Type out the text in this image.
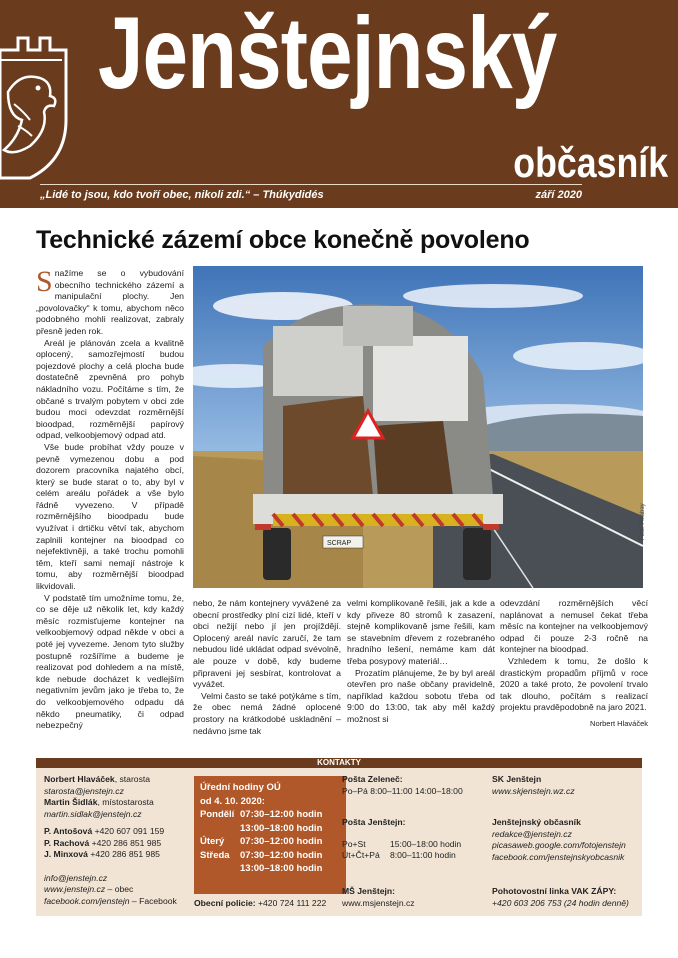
Jenštejnský
občasník
„Lidé to jsou, kdo tvoří obec, nikoli zdi.“ – Thúkydidés	září 2020
Technické zázemí obce konečně povoleno

Snažíme se o vybudování obecního technického zázemí a manipulační plochy. Jen „povolovačky“ k tomu, abychom něco podobného mohli realizovat, zabraly přesně jeden rok.

Areál je plánován zcela a kvalitně oplocený, samozřejmostí budou pojezdové plochy a celá plocha bude dostatečně zpevněná pro pohyb nákladního vozu. Počítáme s tím, že občané s trvalým pobytem v obci zde budou moci odevzdat rozměrnější bioodpad, rozměrnější papírový odpad, velkoobjemový odpad atd.

Vše bude probíhat vždy pouze v pevně vymezenou dobu a pod dozorem pracovníka najatého obcí, který se bude starat o to, aby byl v celém areálu pořádek a vše bylo řádně vyvezeno. V případě rozměrnějšího bioodpadu bude využívat i drtičku větví tak, abychom zaplnili kontejner na bioodpad co nejefektivněji, a také trochu pomohli těm, kteří sami nemají nástroje k tomu, aby rozměrnější bioodpad likvidovali.

V podstatě tím umožníme tomu, že, co se děje už několik let, kdy každý měsíc rozmisťujeme kontejner na velkoobjemový odpad někde v obci a poté jej vyvezeme. Jenom tyto služby postupně rozšíříme a budeme je realizovat pod dohledem a na místě, kde nebude docházet k vedlejším negativním jevům jako je třeba to, že do velkoobjemového odpadu dá někdo pneumatiky, či odpad nebezpečný

SCRAP
Foto: Pixabay

nebo, že nám kontejnery vyvážené za obecní prostředky plní cizí lidé, kteří v obci nežijí nebo jí jen projíždějí. Oplocený areál navíc zaručí, že tam nebudou lidé ukládat odpad svévolně, ale pouze v době, kdy budeme připraveni jej sesbírat, kontrolovat a vyvážet.

Velmi často se také potýkáme s tím, že obec nemá žádné oplocené prostory na krátkodobé uskladnění – nedávno jsme tak

velmi komplikovaně řešili, jak a kde a kdy přiveze 80 stromů k zasazení, stejně komplikovaně jsme řešili, kam se stavebním dřevem z rozebraného hradního lešení, nemáme kam dát třeba posypový materiál…

Prozatím plánujeme, že by byl areál otevřen pro naše občany pravidelně, například každou sobotu třeba od 9:00 do 13:00, tak aby měl každý možnost si

odevzdání rozměrnějších věcí naplánovat a nemusel čekat třeba měsíc na kontejner na velkoobjemový odpad či pouze 2-3 ročně na kontejner na bioodpad.

Vzhledem k tomu, že došlo k drastickým propadům příjmů v roce 2020 a také proto, že povolení trvalo tak dlouho, počítám s realizací projektu pravděpodobně na jaro 2021.

Norbert Hlaváček

KONTAKTY
Norbert Hlaváček, starosta
starosta@jenstejn.cz
Martin Šidlák, místostarosta
martin.sidlak@jenstejn.cz
P. Antošová +420 607 091 159
P. Rachová +420 286 851 985
J. Minxová +420 286 851 985
info@jenstejn.cz
www.jenstejn.cz – obec
facebook.com/jenstejn – Facebook
Úřední hodiny OÚ
od 4. 10. 2020:
Pondělí 07:30–12:00 hodin
13:00–18:00 hodin
Úterý	07:30–12:00 hodin
Středa	07:30–12:00 hodin
13:00–18:00 hodin
Obecní policie: +420 724 111 222
Pošta Zeleneč:
Po–Pá 8:00–11:00 14:00–18:00
Pošta Jenštejn:
Po+St	15:00–18:00 hodin
Út+Čt+Pá 8:00–11:00 hodin
MŠ Jenštejn:
www.msjenstejn.cz
SK Jenštejn
www.skjenstejn.wz.cz
Jenštejnský občasník
redakce@jenstejn.cz
picasaweb.google.com/fotojenstejn
facebook.com/jenstejnskyobcasnik
Pohotovostní linka VAK ZÁPY:
+420 603 206 753 (24 hodin denně)
